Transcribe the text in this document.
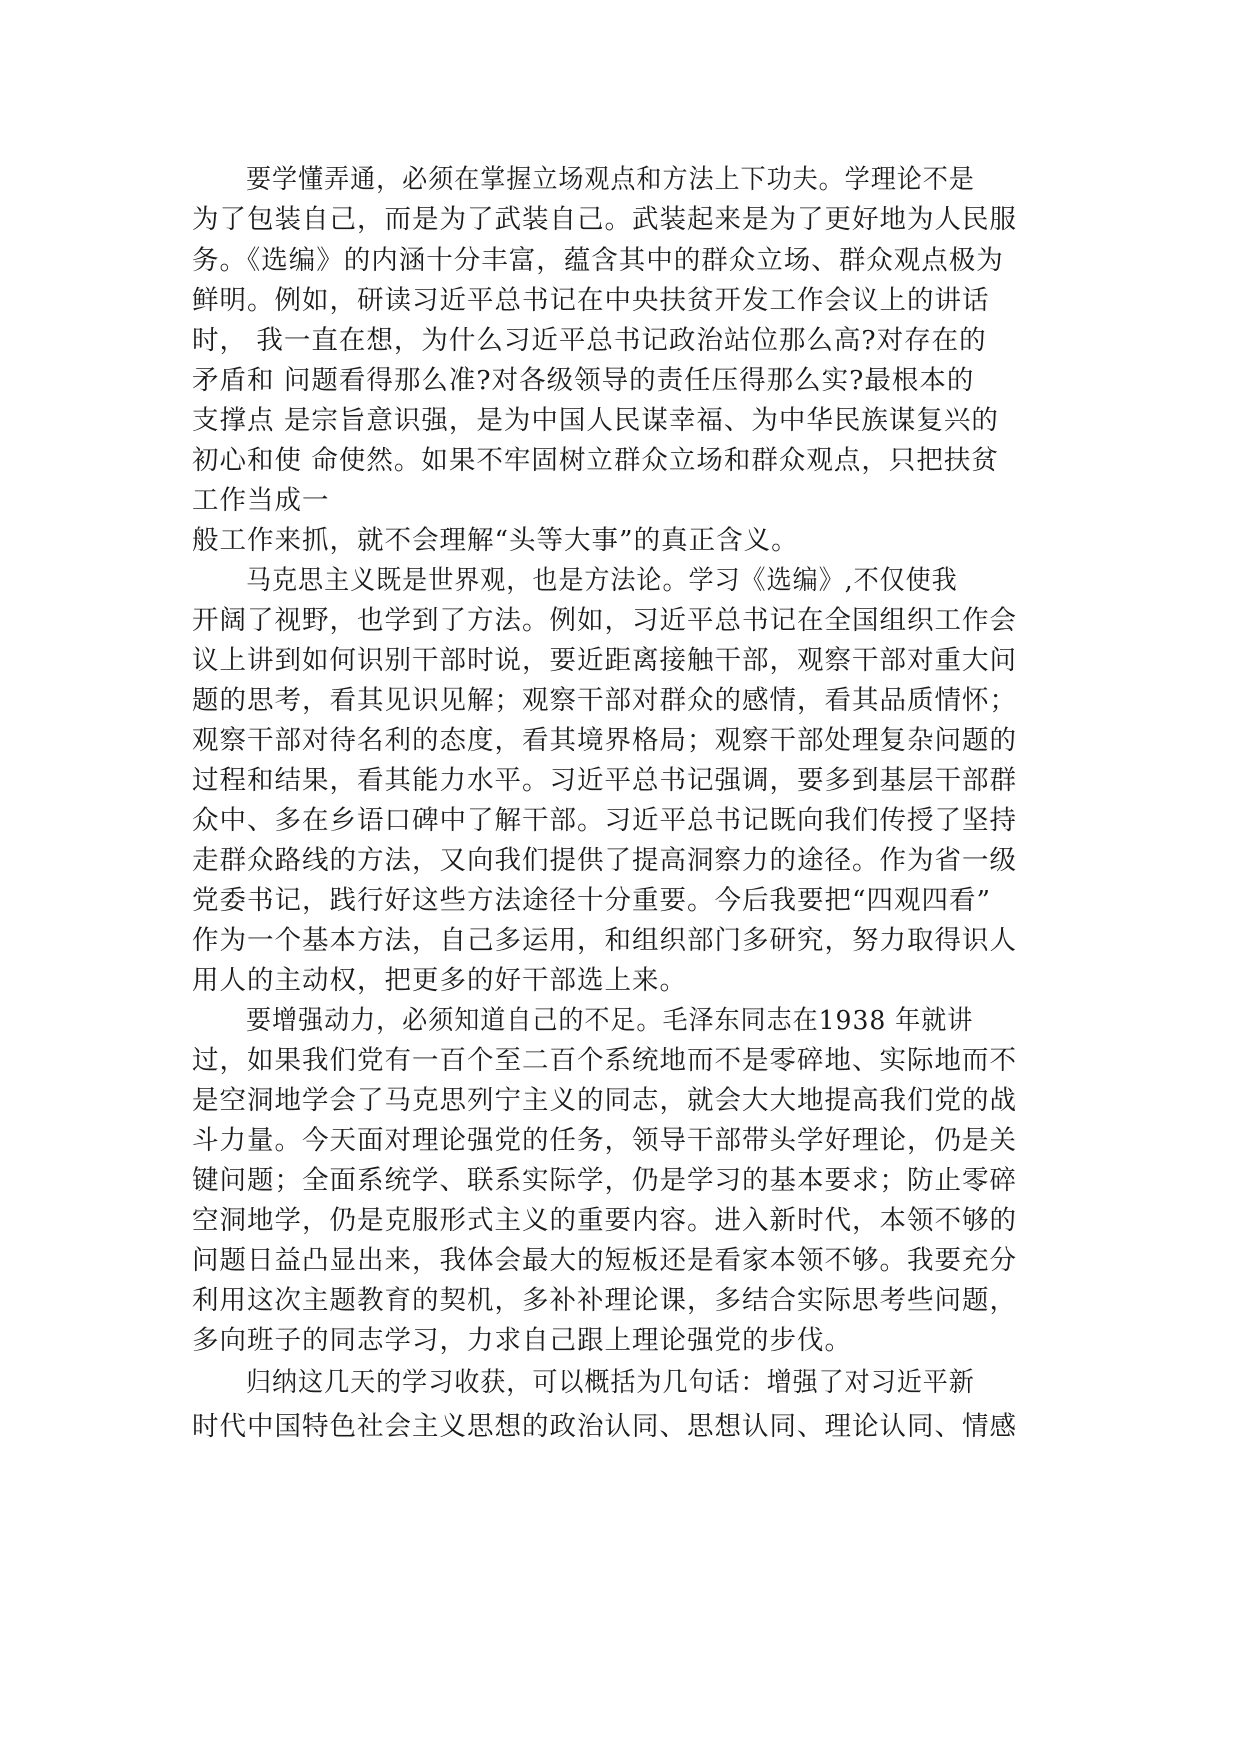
要学懂弄通，必须在掌握立场观点和方法上下功夫。学理论不是

为了包装自己，而是为了武装自己。武装起来是为了更好地为人民服

务。《选编》的内涵十分丰富，蕴含其中的群众立场、群众观点极为

鲜明。例如，研读习近平总书记在中央扶贫开发工作会议上的讲话

时， 我一直在想，为什么习近平总书记政治站位那么高?对存在的

矛盾和 问题看得那么准?对各级领导的责任压得那么实?最根本的

支撑点 是宗旨意识强，是为中国人民谋幸福、为中华民族谋复兴的

初心和使 命使然。如果不牢固树立群众立场和群众观点，只把扶贫

工作当成一

般工作来抓，就不会理解“头等大事”的真正含义。

马克思主义既是世界观，也是方法论。学习《选编》,不仅使我

开阔了视野，也学到了方法。例如，习近平总书记在全国组织工作会

议上讲到如何识别干部时说，要近距离接触干部，观察干部对重大问

题的思考，看其见识见解；观察干部对群众的感情，看其品质情怀；

观察干部对待名利的态度，看其境界格局；观察干部处理复杂问题的

过程和结果，看其能力水平。习近平总书记强调，要多到基层干部群

众中、多在乡语口碑中了解干部。习近平总书记既向我们传授了坚持

走群众路线的方法，又向我们提供了提高洞察力的途径。作为省一级

党委书记，践行好这些方法途径十分重要。今后我要把“四观四看”

作为一个基本方法，自己多运用，和组织部门多研究，努力取得识人

用人的主动权，把更多的好干部选上来。

要增强动力，必须知道自己的不足。毛泽东同志在1938 年就讲

过，如果我们党有一百个至二百个系统地而不是零碎地、实际地而不

是空洞地学会了马克思列宁主义的同志，就会大大地提高我们党的战

斗力量。今天面对理论强党的任务，领导干部带头学好理论，仍是关

键问题；全面系统学、联系实际学，仍是学习的基本要求；防止零碎

空洞地学，仍是克服形式主义的重要内容。进入新时代，本领不够的

问题日益凸显出来，我体会最大的短板还是看家本领不够。我要充分

利用这次主题教育的契机，多补补理论课，多结合实际思考些问题，

多向班子的同志学习，力求自己跟上理论强党的步伐。

归纳这几天的学习收获，可以概括为几句话：增强了对习近平新

时代中国特色社会主义思想的政治认同、思想认同、理论认同、情感
